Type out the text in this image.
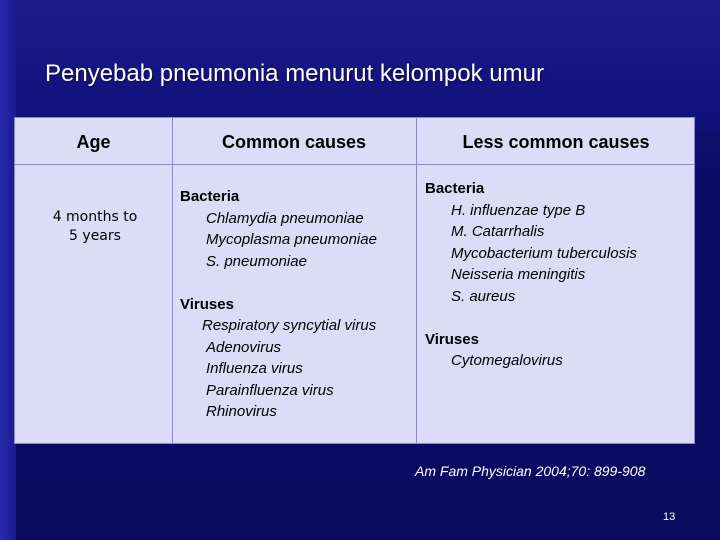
Penyebab pneumonia menurut kelompok umur
Age	Common causes	Less common causes
4 months to
5 years
Bacteria
Chlamydia pneumoniae
Mycoplasma pneumoniae
S. pneumoniae
Viruses
Respiratory syncytial virus
Adenovirus
Influenza virus
Parainfluenza virus
Rhinovirus
Bacteria
H. influenzae type B
M. Catarrhalis
Mycobacterium tuberculosis
Neisseria meningitis
S. aureus
Viruses
Cytomegalovirus
Am Fam Physician 2004;70: 899-908
13
